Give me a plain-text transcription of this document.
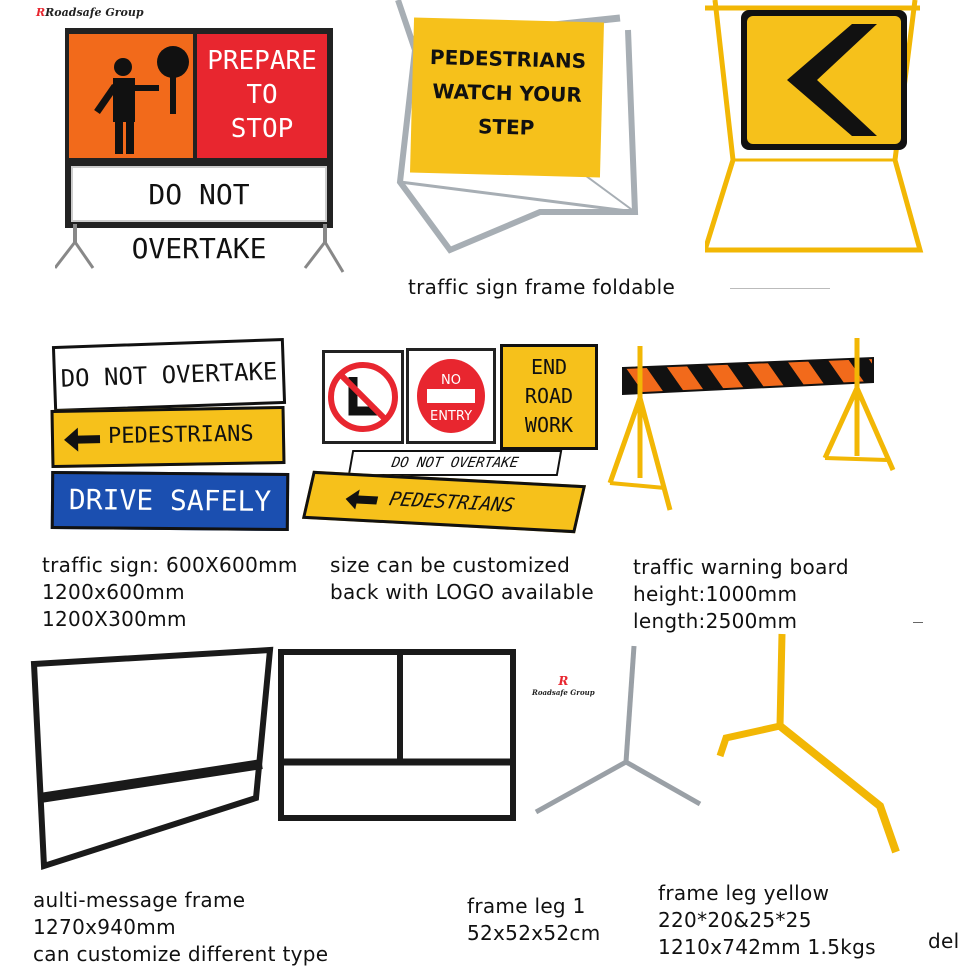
RRoadsafe Group
PREPARE
TO
STOP
DO NOT OVERTAKE
PEDESTRIANS
WATCH YOUR
STEP
traffic sign frame foldable
DO NOT OVERTAKE
PEDESTRIANS
DRIVE SAFELY
traffic sign: 600X600mm
1200x600mm
1200X300mm
NO
ENTRY
END
ROAD
WORK
DO NOT OVERTAKE
PEDESTRIANS
size can be customized
back with LOGO available
traffic warning board
height:1000mm
length:2500mm
R
Roadsafe Group
aulti-message frame
1270x940mm
can customize different type
frame leg 1
52x52x52cm
frame leg yellow
220*20&25*25
1210x742mm 1.5kgs	del
